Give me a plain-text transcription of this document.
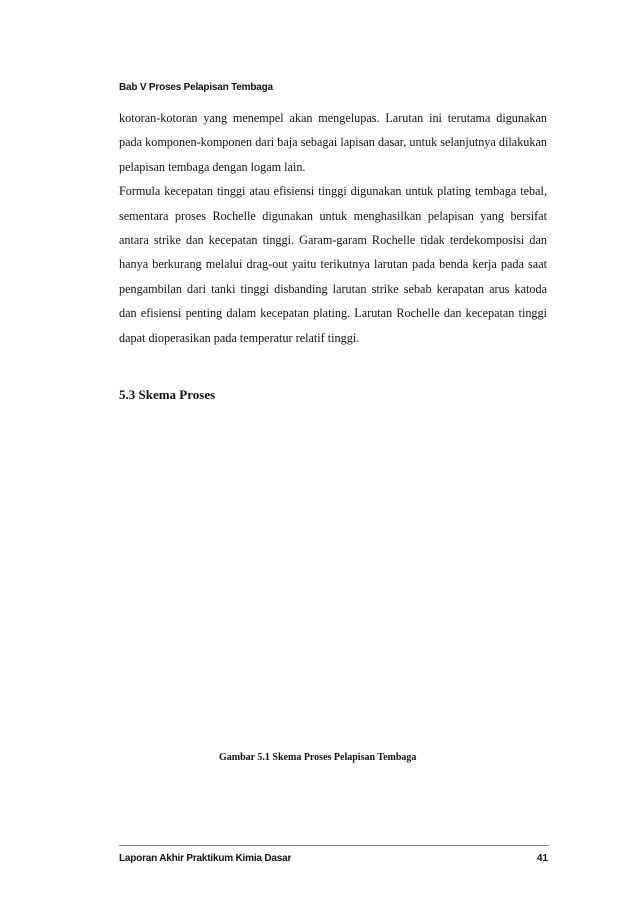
Bab V Proses Pelapisan Tembaga

kotoran-kotoran yang menempel akan mengelupas. Larutan ini terutama digunakan pada komponen-komponen dari baja sebagai lapisan dasar, untuk selanjutnya dilakukan pelapisan tembaga dengan logam lain.

Formula kecepatan tinggi atau efisiensi tinggi digunakan untuk plating tembaga tebal, sementara proses Rochelle digunakan untuk menghasilkan pelapisan yang bersifat antara strike dan kecepatan tinggi. Garam-garam Rochelle tidak terdekomposisi dan hanya berkurang melalui drag-out yaitu terikutnya larutan pada benda kerja pada saat pengambilan dari tanki tinggi disbanding larutan strike sebab kerapatan arus katoda dan efisiensi penting dalam kecepatan plating. Larutan Rochelle dan kecepatan tinggi dapat dioperasikan pada temperatur relatif tinggi.

5.3 Skema Proses
Gambar 5.1 Skema Proses Pelapisan Tembaga
Laporan Akhir Praktikum Kimia Dasar	41
